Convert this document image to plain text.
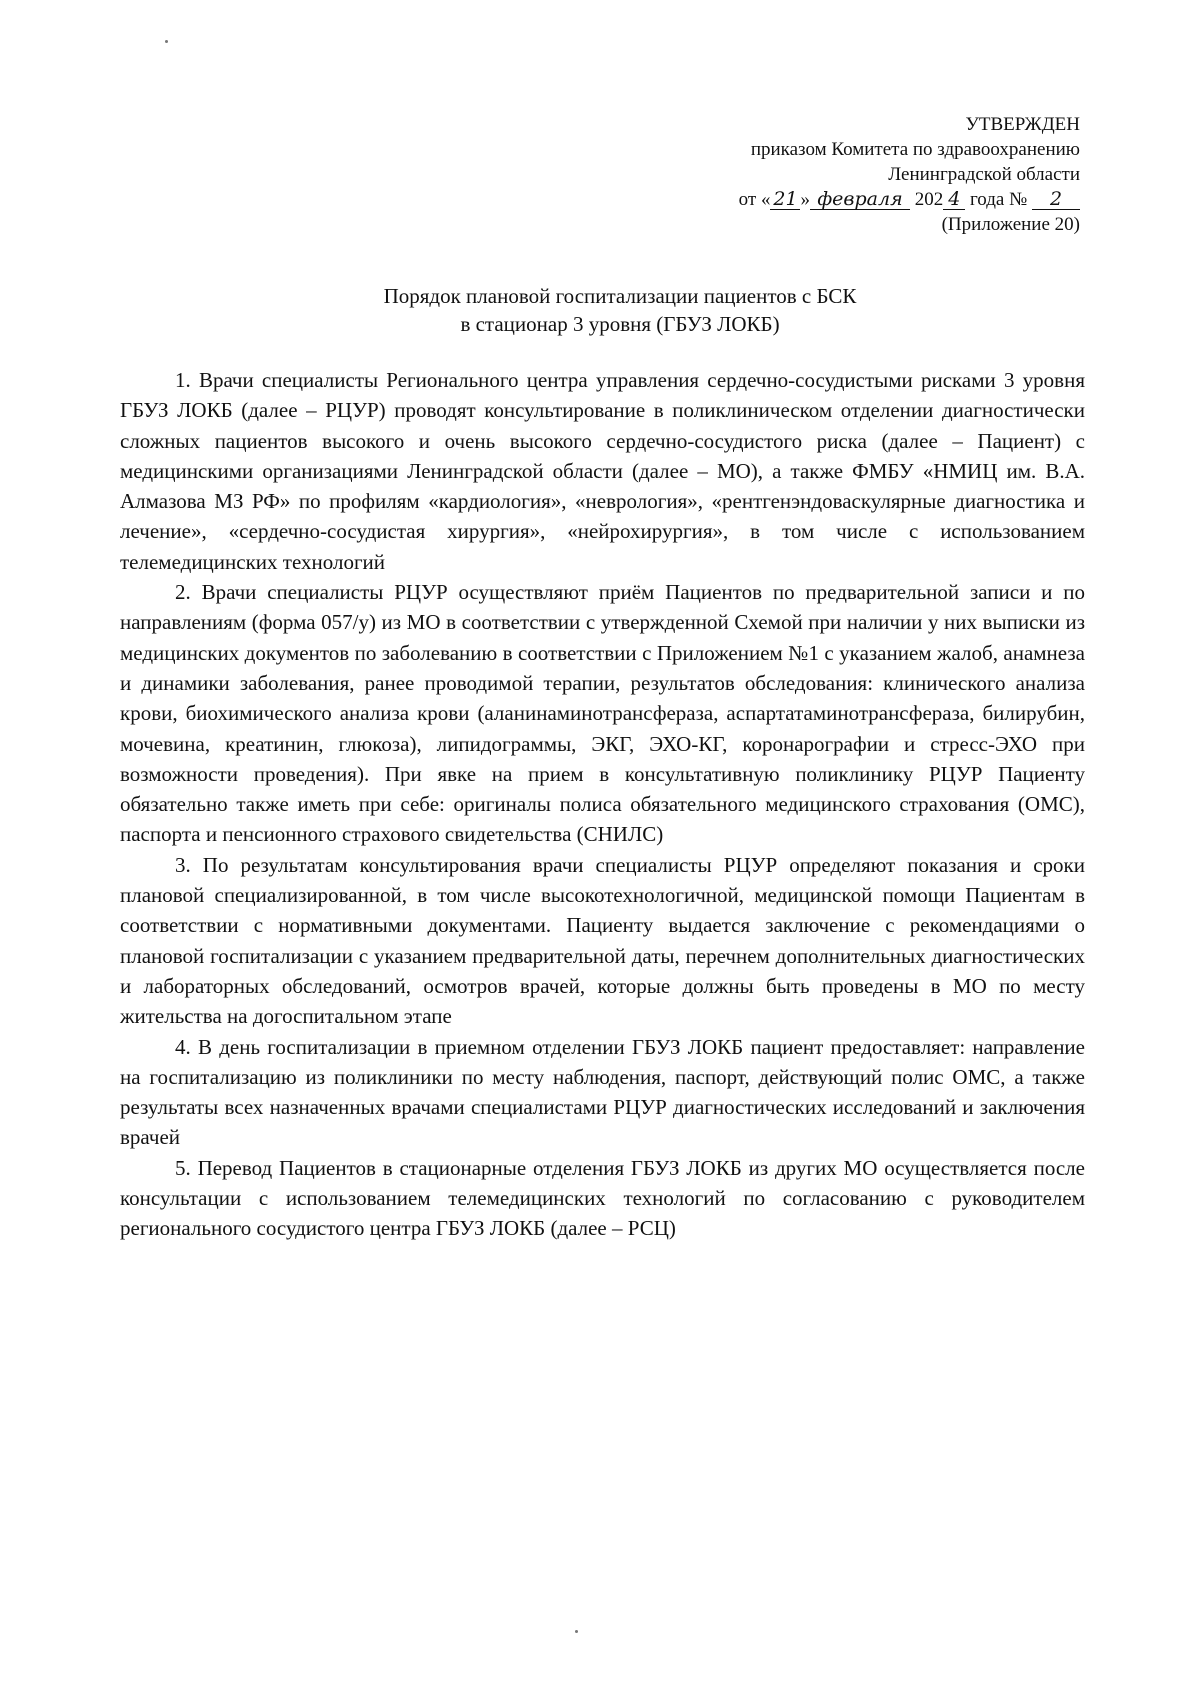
УТВЕРЖДЕН
приказом Комитета по здравоохранению
Ленинградской области
от « 21 » февраля 202 4 года № 2
(Приложение 20)
Порядок плановой госпитализации пациентов с БСК
в стационар 3 уровня (ГБУЗ ЛОКБ)

1. Врачи специалисты Регионального центра управления сердечно-сосудистыми рисками 3 уровня ГБУЗ ЛОКБ (далее – РЦУР) проводят консультирование в поликлиническом отделении диагностически сложных пациентов высокого и очень высокого сердечно-сосудистого риска (далее – Пациент) с медицинскими организациями Ленинградской области (далее – МО), а также ФМБУ «НМИЦ им. В.А. Алмазова МЗ РФ» по профилям «кардиология», «неврология», «рентгенэндоваскулярные диагностика и лечение», «сердечно-сосудистая хирургия», «нейрохирургия», в том числе с использованием телемедицинских технологий

2. Врачи специалисты РЦУР осуществляют приём Пациентов по предварительной записи и по направлениям (форма 057/у) из МО в соответствии с утвержденной Схемой при наличии у них выписки из медицинских документов по заболеванию в соответствии с Приложением №1 с указанием жалоб, анамнеза и динамики заболевания, ранее проводимой терапии, результатов обследования: клинического анализа крови, биохимического анализа крови (аланинаминотрансфераза, аспартатаминотрансфераза, билирубин, мочевина, креатинин, глюкоза), липидограммы, ЭКГ, ЭХО-КГ, коронарографии и стресс-ЭХО при возможности проведения). При явке на прием в консультативную поликлинику РЦУР Пациенту обязательно также иметь при себе: оригиналы полиса обязательного медицинского страхования (ОМС), паспорта и пенсионного страхового свидетельства (СНИЛС)

3. По результатам консультирования врачи специалисты РЦУР определяют показания и сроки плановой специализированной, в том числе высокотехнологичной, медицинской помощи Пациентам в соответствии с нормативными документами. Пациенту выдается заключение с рекомендациями о плановой госпитализации с указанием предварительной даты, перечнем дополнительных диагностических и лабораторных обследований, осмотров врачей, которые должны быть проведены в МО по месту жительства на догоспитальном этапе

4. В день госпитализации в приемном отделении ГБУЗ ЛОКБ пациент предоставляет: направление на госпитализацию из поликлиники по месту наблюдения, паспорт, действующий полис ОМС, а также результаты всех назначенных врачами специалистами РЦУР диагностических исследований и заключения врачей

5. Перевод Пациентов в стационарные отделения ГБУЗ ЛОКБ из других МО осуществляется после консультации с использованием телемедицинских технологий по согласованию с руководителем регионального сосудистого центра ГБУЗ ЛОКБ (далее – РСЦ)
